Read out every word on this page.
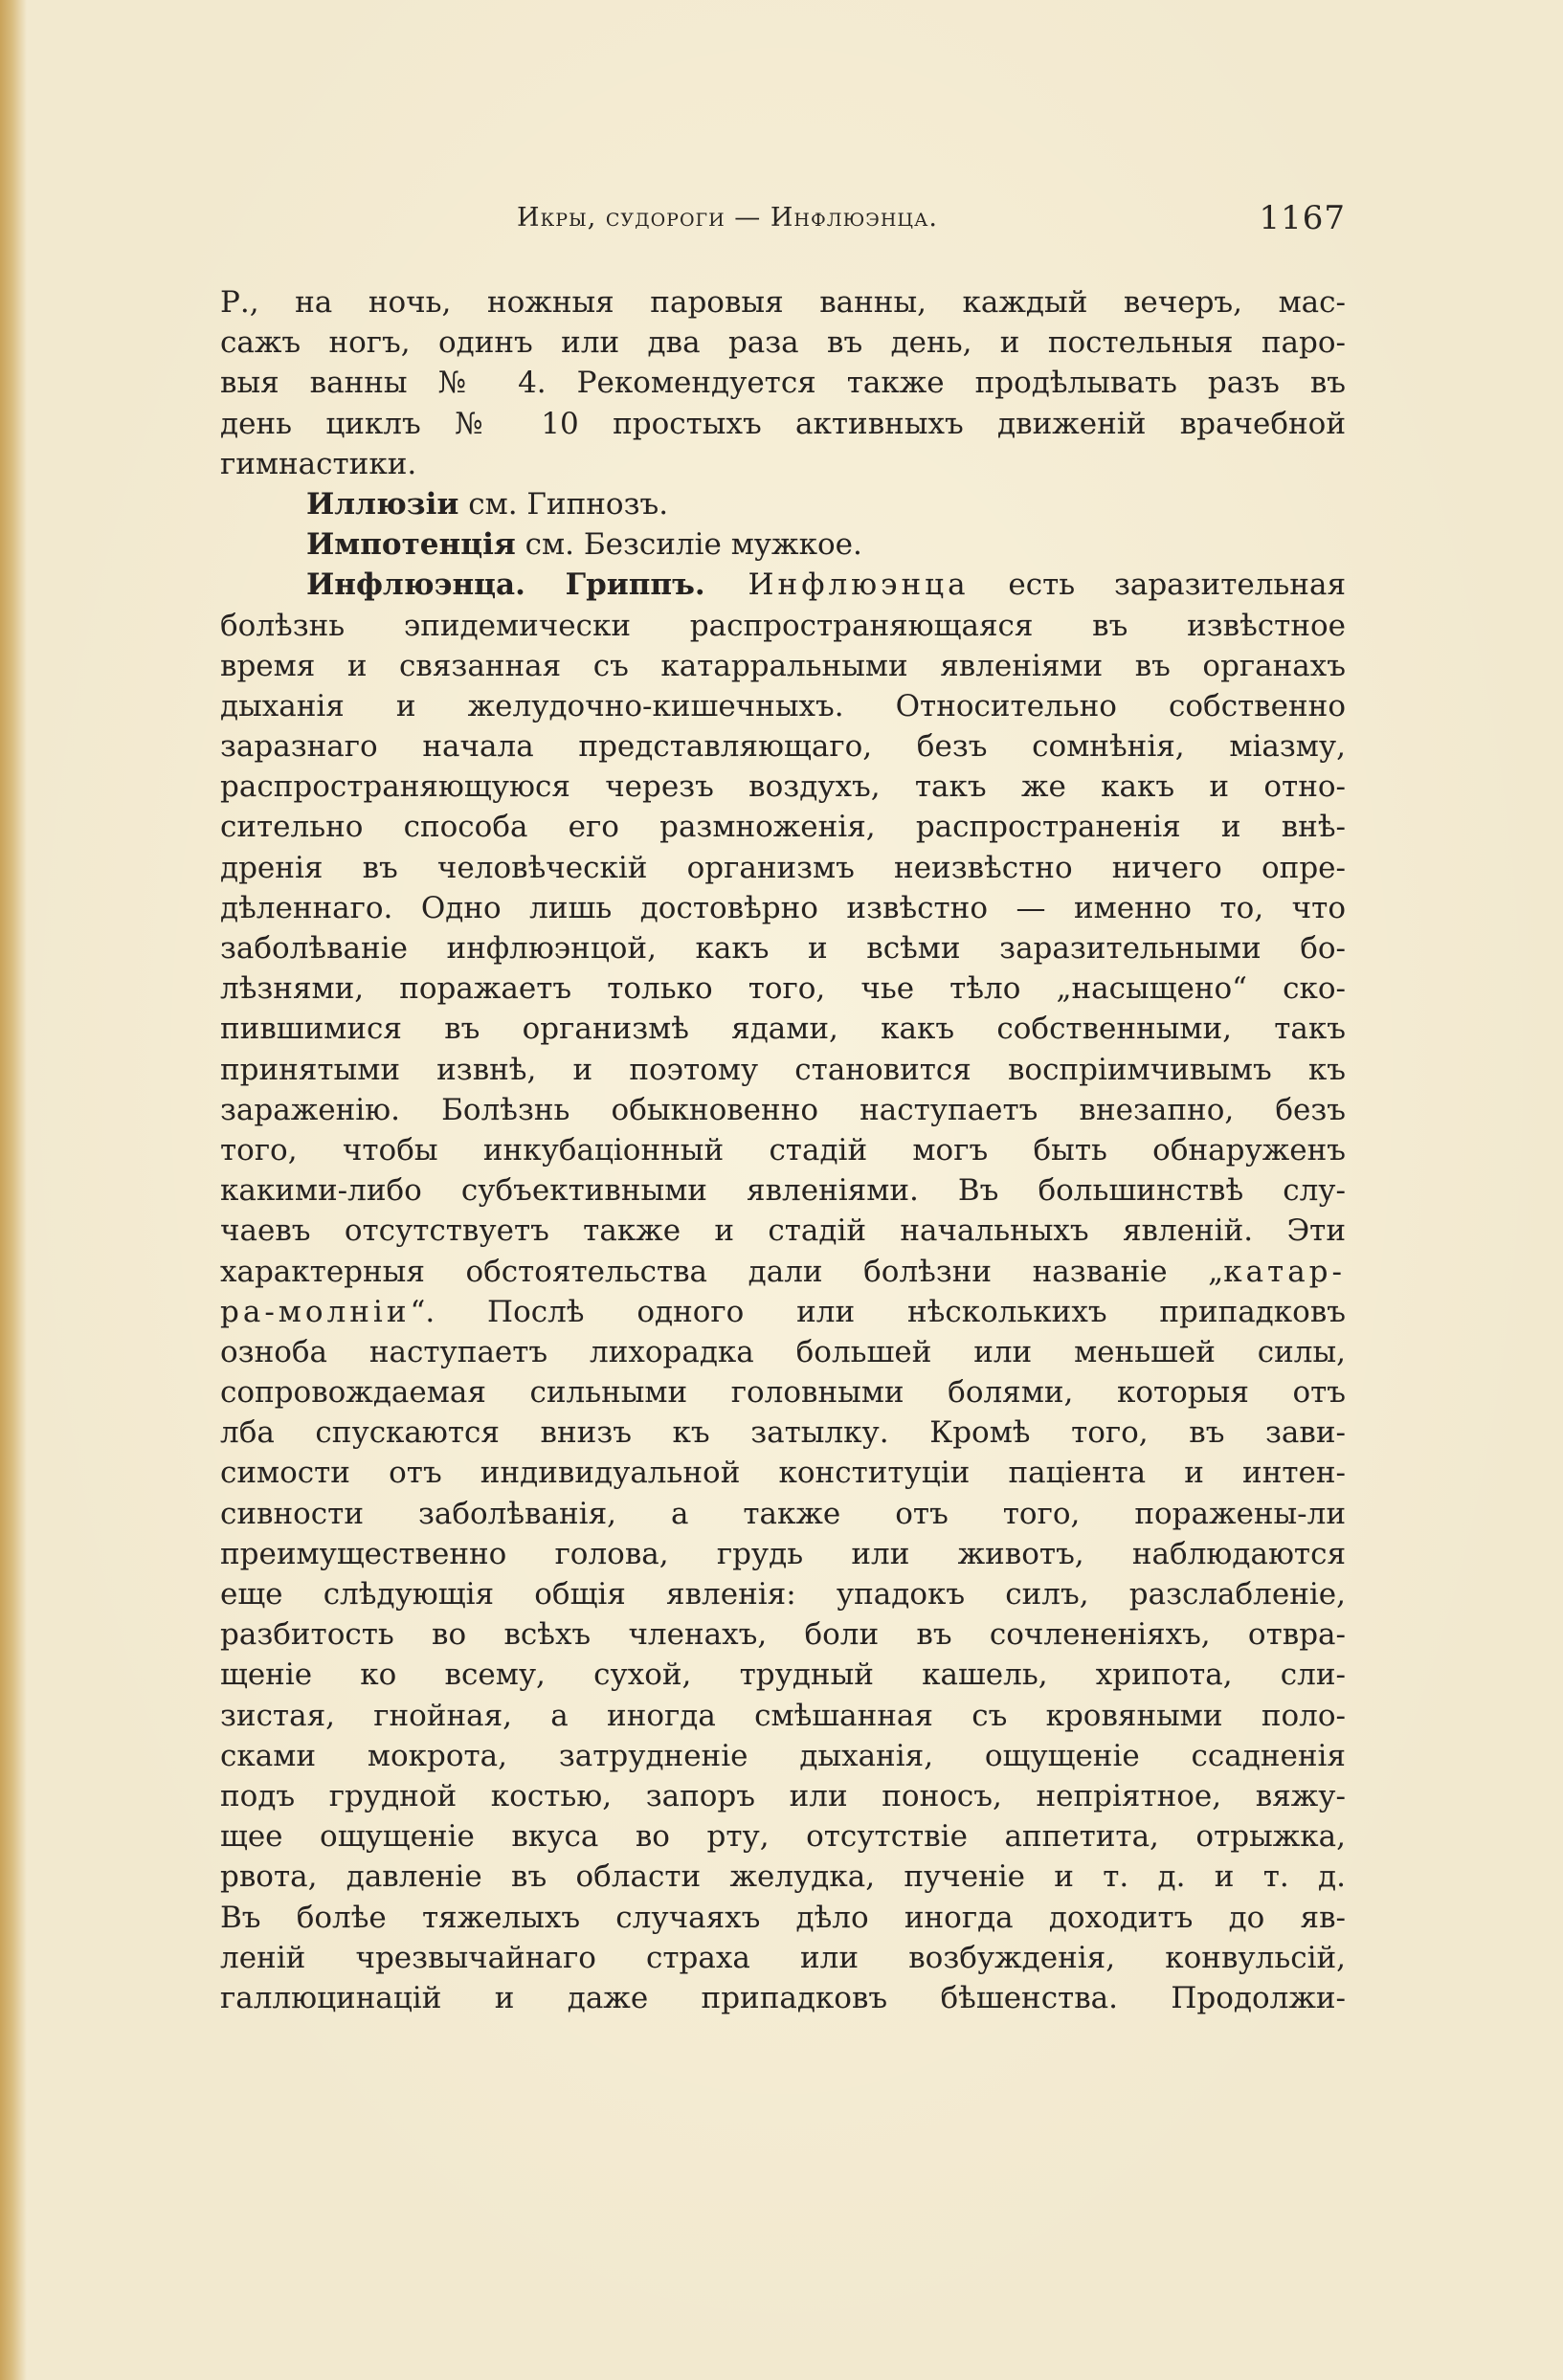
Икры, судороги — Инфлюэнца.	1167
Р., на ночь, ножныя паровыя ванны, каждый вечеръ, мас-
сажъ ногъ, одинъ или два раза въ день, и постельныя паро-
выя ванны № 4. Рекомендуется также продѣлывать разъ въ
день циклъ № 10 простыхъ активныхъ движеній врачебной
гимнастики.
Иллюзіи см. Гипнозъ.
Импотенція см. Безсиліе мужкое.
Инфлюэнца. Гриппъ. Инфлюэнца есть заразительная
болѣзнь эпидемически распространяющаяся въ извѣстное
время и связанная съ катарральными явленіями въ органахъ
дыханія и желудочно-кишечныхъ. Относительно собственно
заразнаго начала представляющаго, безъ сомнѣнія, міазму,
распространяющуюся черезъ воздухъ, такъ же какъ и отно-
сительно способа его размноженія, распространенія и внѣ-
дренія въ человѣческій организмъ неизвѣстно ничего опре-
дѣленнаго. Одно лишь достовѣрно извѣстно — именно то, что
заболѣваніе инфлюэнцой, какъ и всѣми заразительными бо-
лѣзнями, поражаетъ только того, чье тѣло „насыщено“ ско-
пившимися въ организмѣ ядами, какъ собственными, такъ
принятыми извнѣ, и поэтому становится воспріимчивымъ къ
зараженію. Болѣзнь обыкновенно наступаетъ внезапно, безъ
того, чтобы инкубаціонный стадій могъ быть обнаруженъ
какими-либо субъективными явленіями. Въ большинствѣ слу-
чаевъ отсутствуетъ также и стадій начальныхъ явленій. Эти
характерныя обстоятельства дали болѣзни названіе „катар-
ра-молніи“. Послѣ одного или нѣсколькихъ припадковъ
озноба наступаетъ лихорадка большей или меньшей силы,
сопровождаемая сильными головными болями, которыя отъ
лба спускаются внизъ къ затылку. Кромѣ того, въ зави-
симости отъ индивидуальной конституціи паціента и интен-
сивности заболѣванія, а также отъ того, поражены-ли
преимущественно голова, грудь или животъ, наблюдаются
еще слѣдующія общія явленія: упадокъ силъ, разслабленіе,
разбитость во всѣхъ членахъ, боли въ сочлененіяхъ, отвра-
щеніе ко всему, сухой, трудный кашель, хрипота, сли-
зистая, гнойная, а иногда смѣшанная съ кровяными поло-
сками мокрота, затрудненіе дыханія, ощущеніе ссадненія
подъ грудной костью, запоръ или поносъ, непріятное, вяжу-
щее ощущеніе вкуса во рту, отсутствіе аппетита, отрыжка,
рвота, давленіе въ области желудка, пученіе и т. д. и т. д.
Въ болѣе тяжелыхъ случаяхъ дѣло иногда доходитъ до яв-
леній чрезвычайнаго страха или возбужденія, конвульсій,
галлюцинацій и даже припадковъ бѣшенства. Продолжи-
